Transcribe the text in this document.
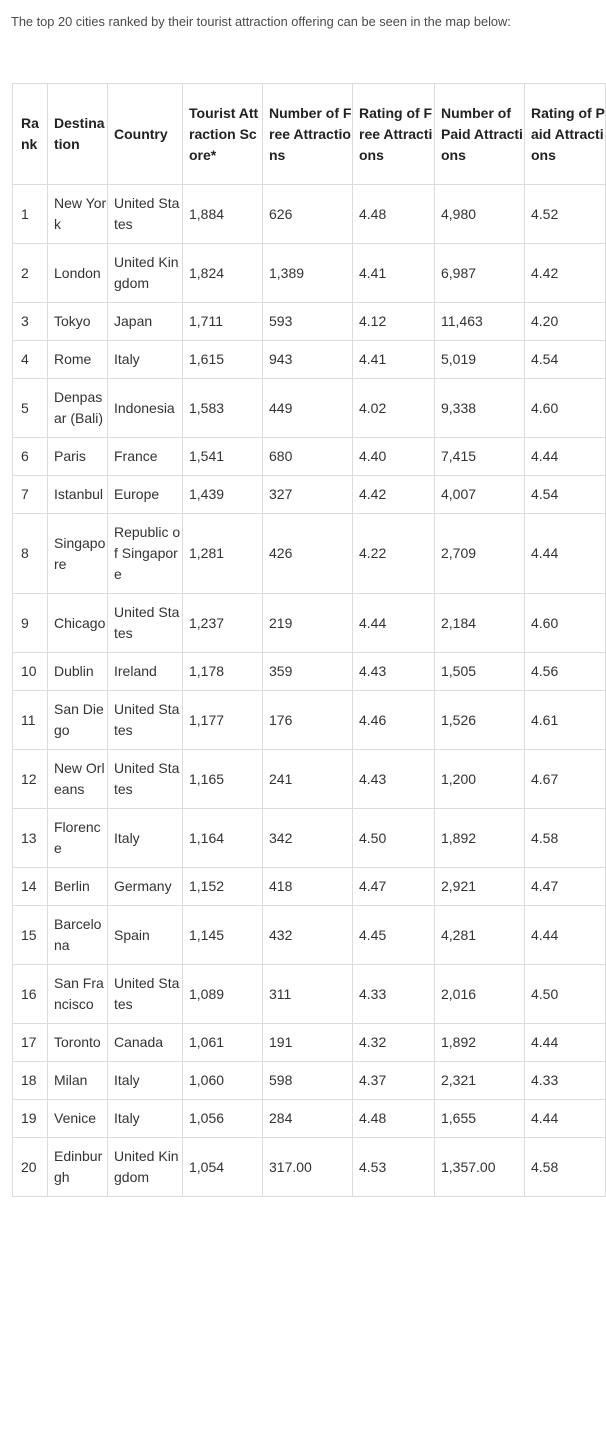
The top 20 cities ranked by their tourist attraction offering can be seen in the map below:
Rank	Destination	Country	Tourist Attraction Score*	Number of Free Attractions	Rating of Free Attractions	Number of Paid Attractions	Rating of Paid Attractions
1	New York	United States	1,884	626	4.48	4,980	4.52
2	London	United Kingdom	1,824	1,389	4.41	6,987	4.42
3	Tokyo	Japan	1,711	593	4.12	11,463	4.20
4	Rome	Italy	1,615	943	4.41	5,019	4.54
5	Denpasar (Bali)	Indonesia	1,583	449	4.02	9,338	4.60
6	Paris	France	1,541	680	4.40	7,415	4.44
7	Istanbul	Europe	1,439	327	4.42	4,007	4.54
8	Singapore	Republic of Singapore	1,281	426	4.22	2,709	4.44
9	Chicago	United States	1,237	219	4.44	2,184	4.60
10	Dublin	Ireland	1,178	359	4.43	1,505	4.56
11	San Diego	United States	1,177	176	4.46	1,526	4.61
12	New Orleans	United States	1,165	241	4.43	1,200	4.67
13	Florence	Italy	1,164	342	4.50	1,892	4.58
14	Berlin	Germany	1,152	418	4.47	2,921	4.47
15	Barcelona	Spain	1,145	432	4.45	4,281	4.44
16	San Francisco	United States	1,089	311	4.33	2,016	4.50
17	Toronto	Canada	1,061	191	4.32	1,892	4.44
18	Milan	Italy	1,060	598	4.37	2,321	4.33
19	Venice	Italy	1,056	284	4.48	1,655	4.44
20	Edinburgh	United Kingdom	1,054	317.00	4.53	1,357.00	4.58
